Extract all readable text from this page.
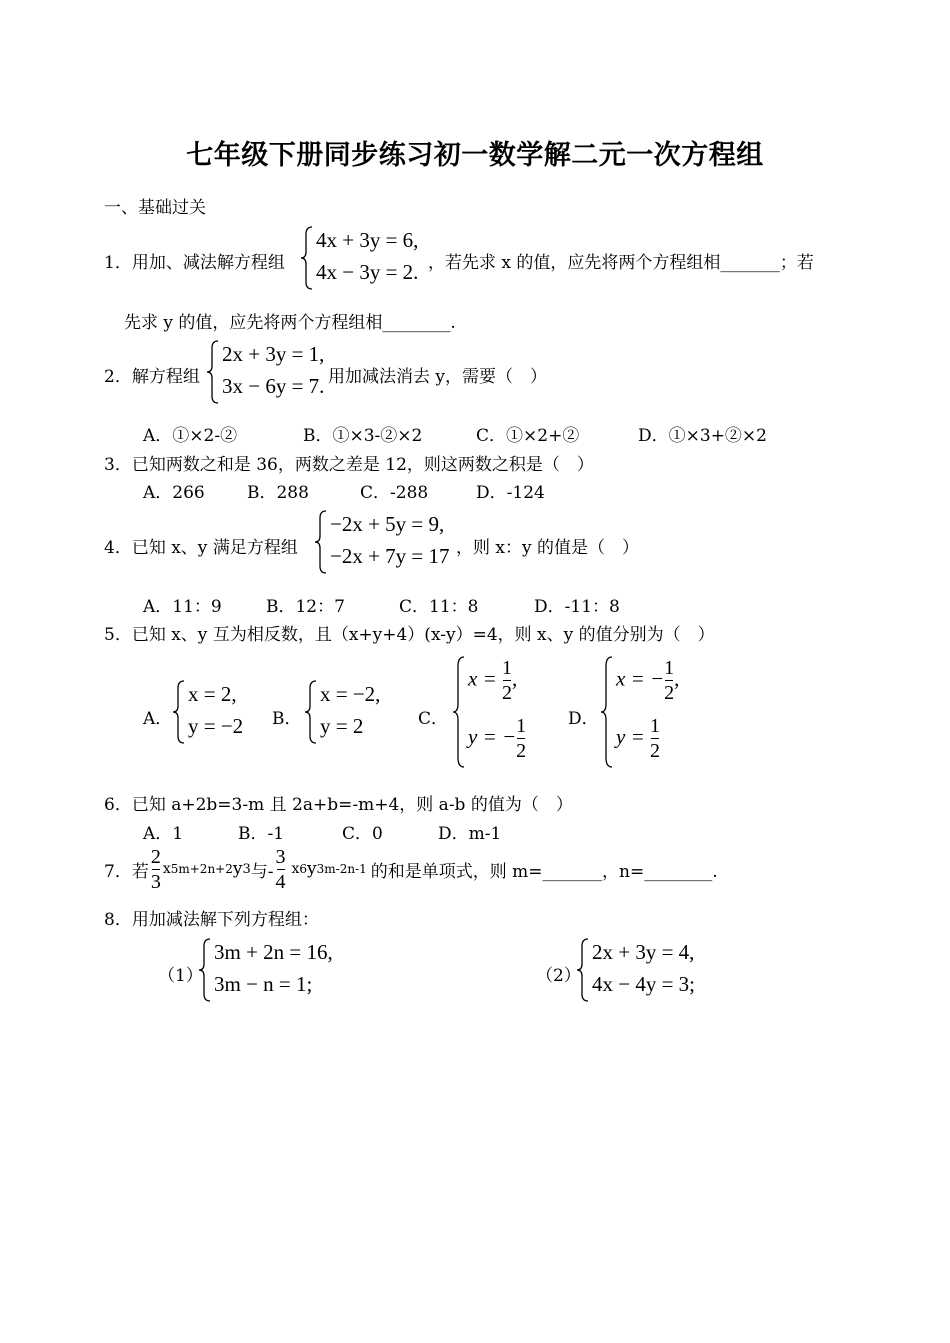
七年级下册同步练习初一数学解二元一次方程组
一、基础过关
1．用加、减法解方程组
4x + 3y = 6,
4x − 3y = 2. ，若先求 x 的值，应先将两个方程组相_______；若
先求 y 的值，应先将两个方程组相________.
2．解方程组
2x + 3y = 1,
3x − 6y = 7. 用加减法消去 y，需要（　）
A．①×2-②	B．①×3-②×2	C．①×2+②	D．①×3+②×2
3．已知两数之和是 36，两数之差是 12，则这两数之积是（　）
A．266 B．288	C．-288	D．-124
4．已知 x、y 满足方程组
−2x + 5y = 9,
−2x + 7y = 17 ，则 x：y 的值是（　）
A．11：9	B．12：7	C．11：8	D．-11：8
5．已知 x、y 互为相反数，且（x+y+4）(x-y）=4，则 x、y 的值分别为（　）
A．
x = 2,
y = −2 B．
x = −2,
y = 2	C．
$x = \frac{1}{2}$ ,
y = − $\frac{1}{2}$ D．
x = − $\frac{1}{2}$ ,
$y = \frac{1}{2}$
6．已知 a+2b=3-m 且 2a+b=-m+4，则 a-b 的值为（　）
A．1	B．-1	C．0	D．m-1
7．若 $\frac{2}{3}$ x 5m+2n+2 y 3 与- $\frac{3}{4}$ x 6 y 3m-2n-1 的和是单项式，则 m=_______，n=________.
8．用加减法解下列方程组：
（1）
3m + 2n = 16,
3m − n = 1;	（2）
2x + 3y = 4,
4x − 4y = 3;
